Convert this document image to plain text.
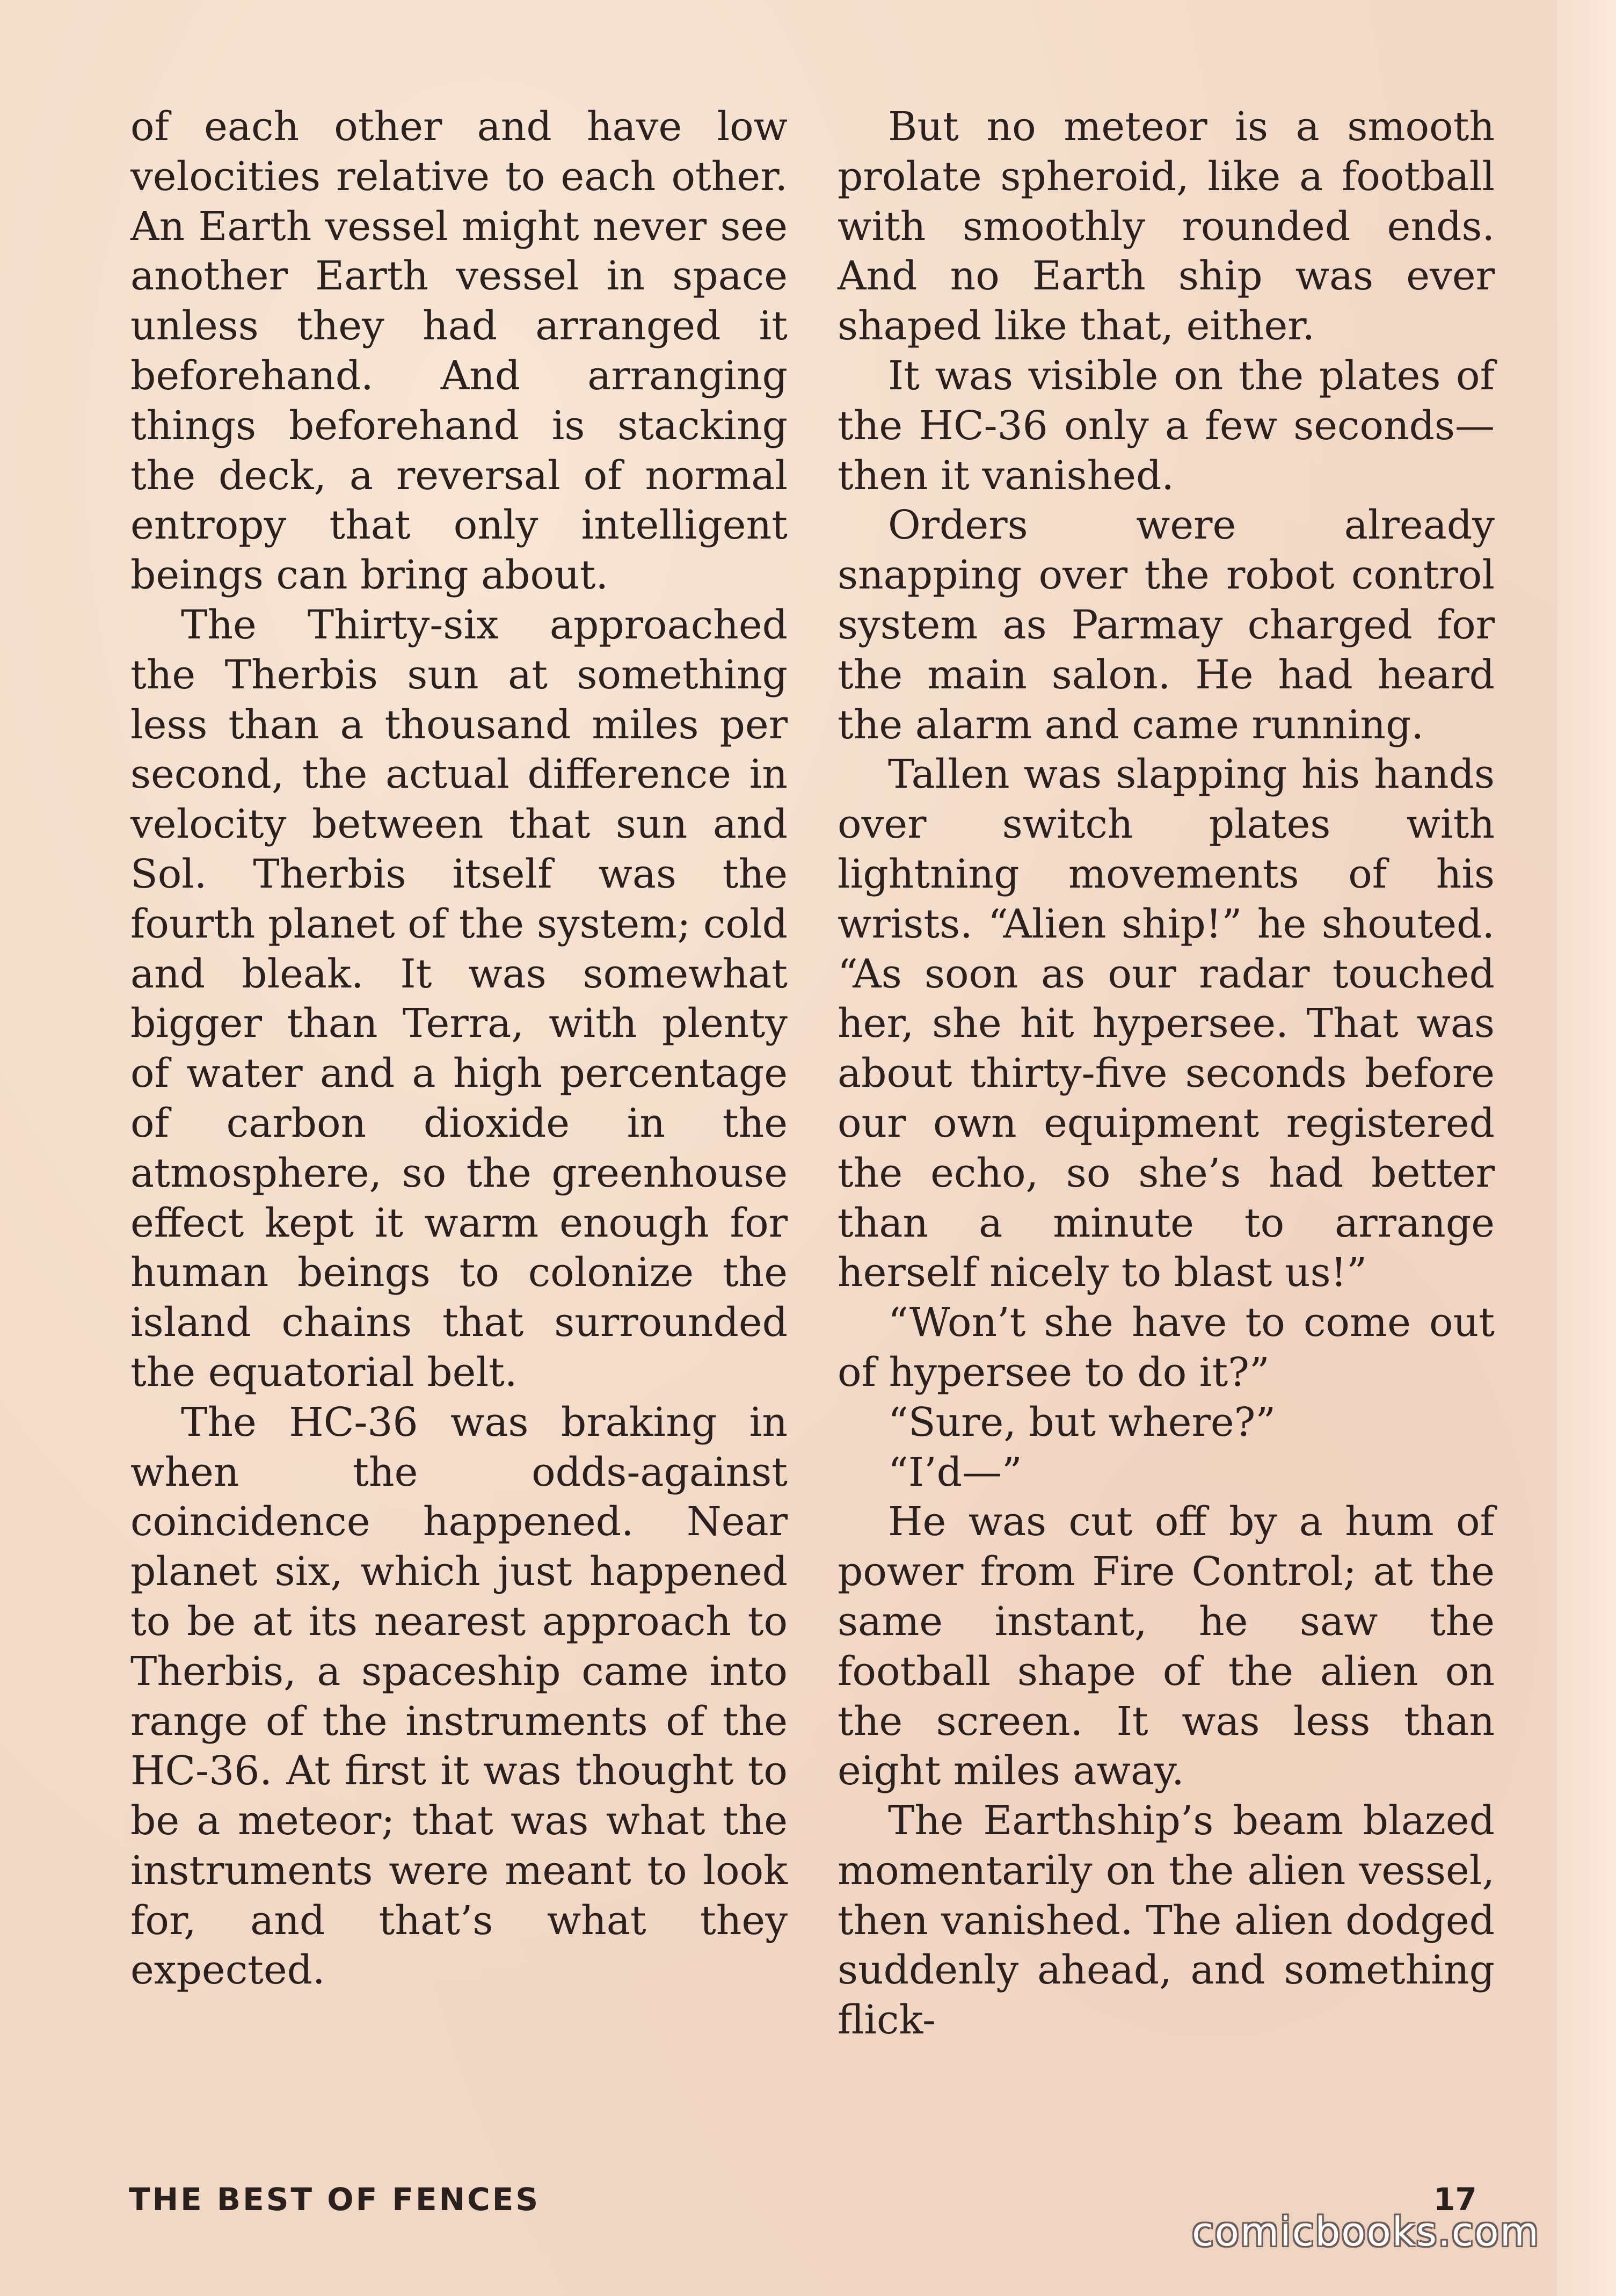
of each other and have low velocities relative to each other. An Earth vessel might never see another Earth vessel in space unless they had arranged it beforehand. And arranging things beforehand is stacking the deck, a reversal of normal entropy that only intelligent beings can bring about.

The Thirty-six approached the Therbis sun at something less than a thousand miles per second, the actual difference in velocity between that sun and Sol. Therbis itself was the fourth planet of the system; cold and bleak. It was somewhat bigger than Terra, with plenty of water and a high percentage of carbon dioxide in the atmosphere, so the greenhouse effect kept it warm enough for human beings to colonize the island chains that surrounded the equatorial belt.

The HC-36 was braking in when the odds-against coincidence happened. Near planet six, which just happened to be at its nearest approach to Therbis, a spaceship came into range of the instruments of the HC-36. At first it was thought to be a meteor; that was what the instruments were meant to look for, and that’s what they expected.

But no meteor is a smooth prolate spheroid, like a football with smoothly rounded ends. And no Earth ship was ever shaped like that, either.

It was visible on the plates of the HC-36 only a few seconds—then it vanished.

Orders were already snapping over the robot control system as Parmay charged for the main salon. He had heard the alarm and came running.

Tallen was slapping his hands over switch plates with lightning movements of his wrists. “Alien ship!” he shouted. “As soon as our radar touched her, she hit hypersee. That was about thirty-five seconds before our own equipment registered the echo, so she’s had better than a minute to arrange herself nicely to blast us!”

“Won’t she have to come out of hypersee to do it?”

“Sure, but where?”

“I’d—”

He was cut off by a hum of power from Fire Control; at the same instant, he saw the football shape of the alien on the screen. It was less than eight miles away.

The Earthship’s beam blazed momentarily on the alien vessel, then vanished. The alien dodged suddenly ahead, and something flick-

THE BEST OF FENCES	17
comicbooks.com
